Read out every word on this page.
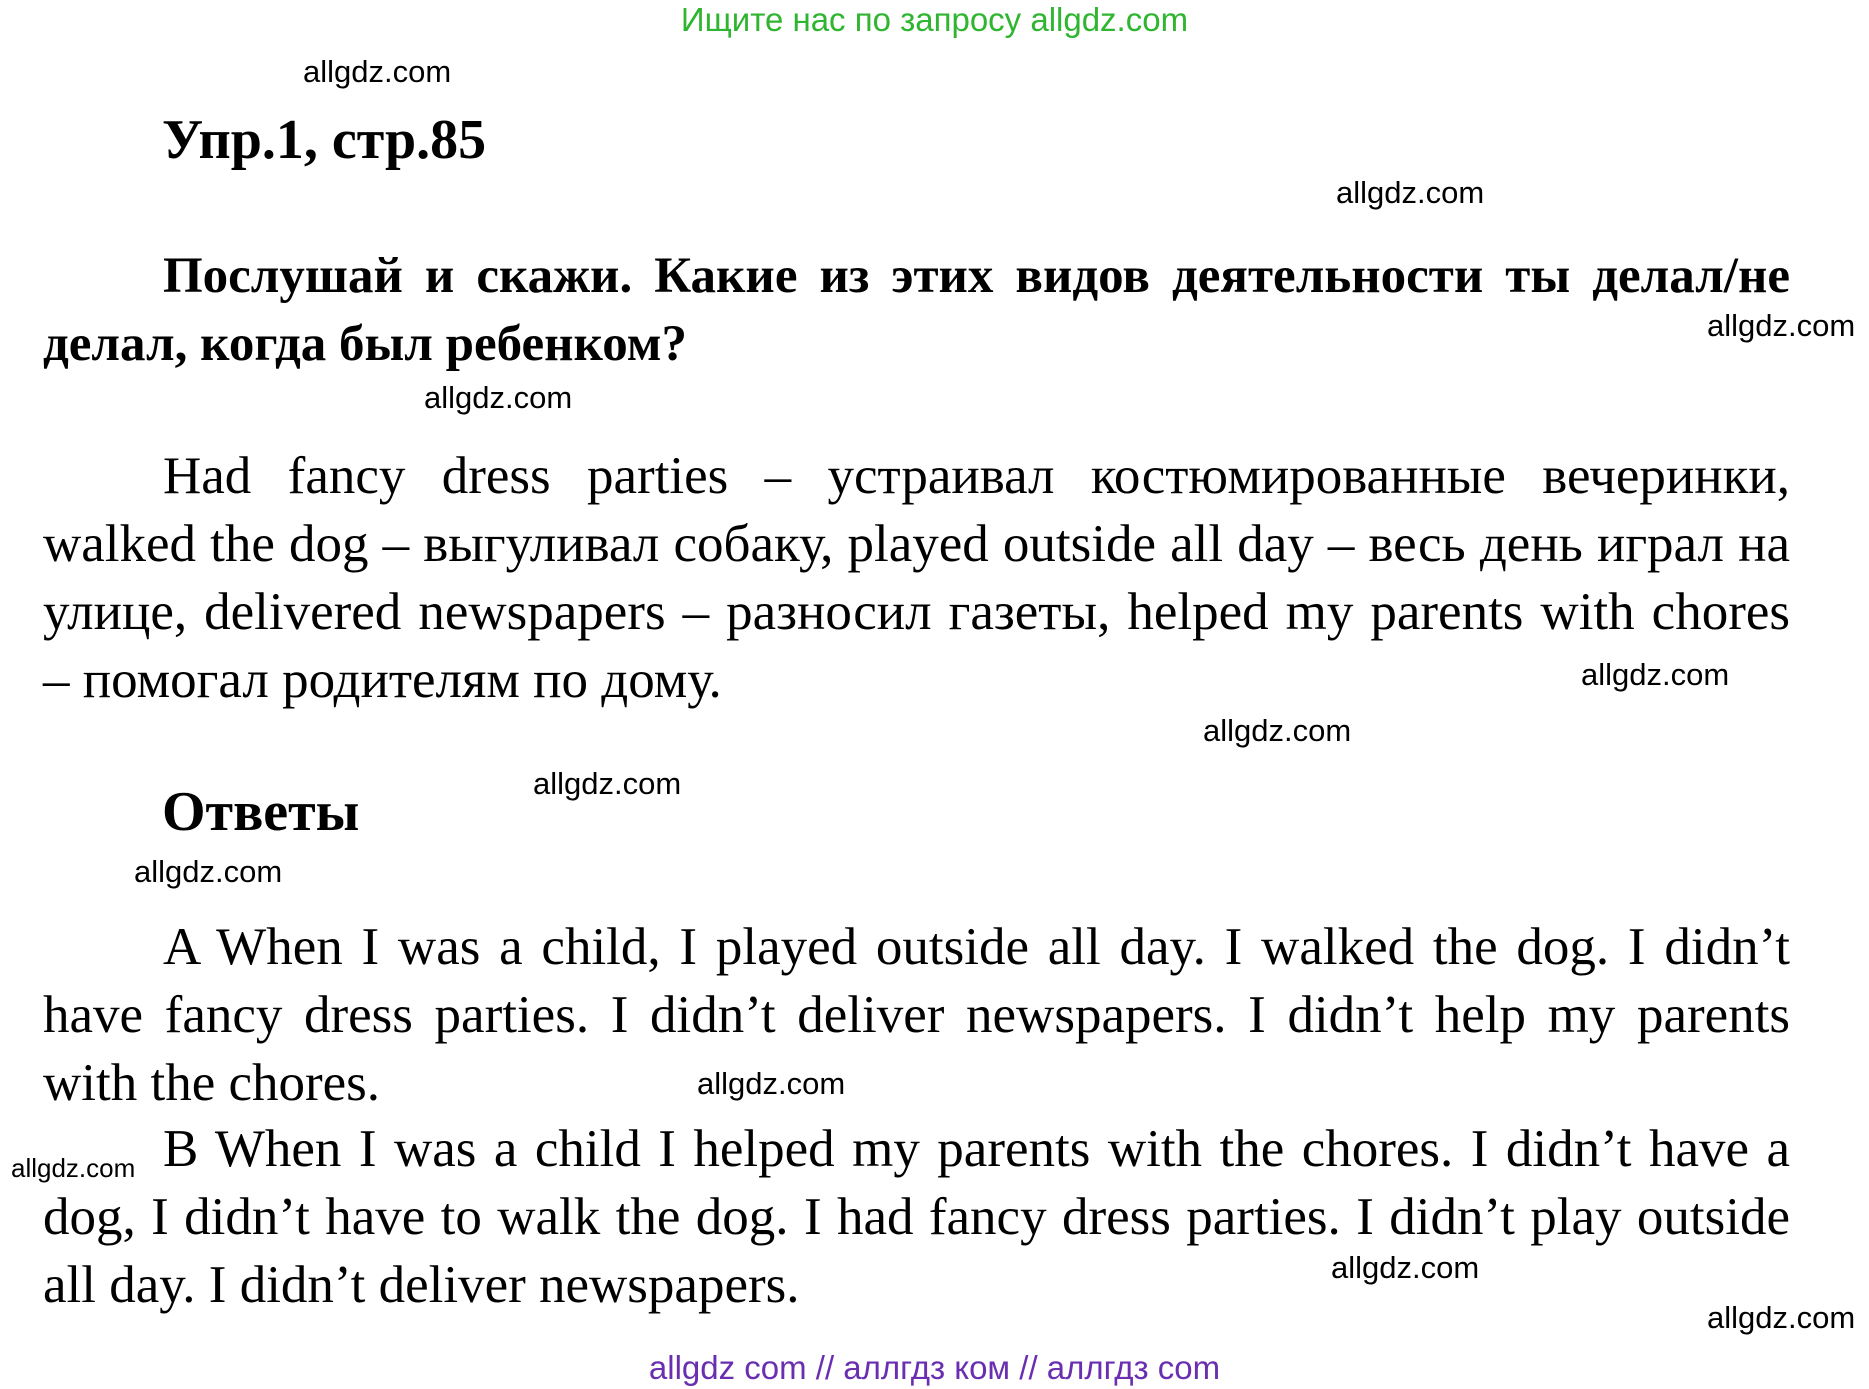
Ищите нас по запросу allgdz.com
Упр.1, стр.85

Послушай и скажи. Какие из этих видов деятельности ты делал/не делал, когда был ребенком?

Had fancy dress parties – устраивал костюмированные вечеринки, walked the dog – выгуливал собаку, played outside all day – весь день играл на улице, delivered newspapers – разносил газеты, helped my parents with chores – помогал родителям по дому.

Ответы

A When I was a child, I played outside all day. I walked the dog. I didn’t have fancy dress parties. I didn’t deliver newspapers. I didn’t help my parents with the chores.

B When I was a child I helped my parents with the chores. I didn’t have a dog, I didn’t have to walk the dog. I had fancy dress parties. I didn’t play outside all day. I didn’t deliver newspapers.

allgdz.com
allgdz.com
allgdz.com
allgdz.com
allgdz.com
allgdz.com
allgdz.com
allgdz.com
allgdz.com
allgdz.com
allgdz.com
allgdz.com
allgdz com // аллгдз ком // аллгдз com
